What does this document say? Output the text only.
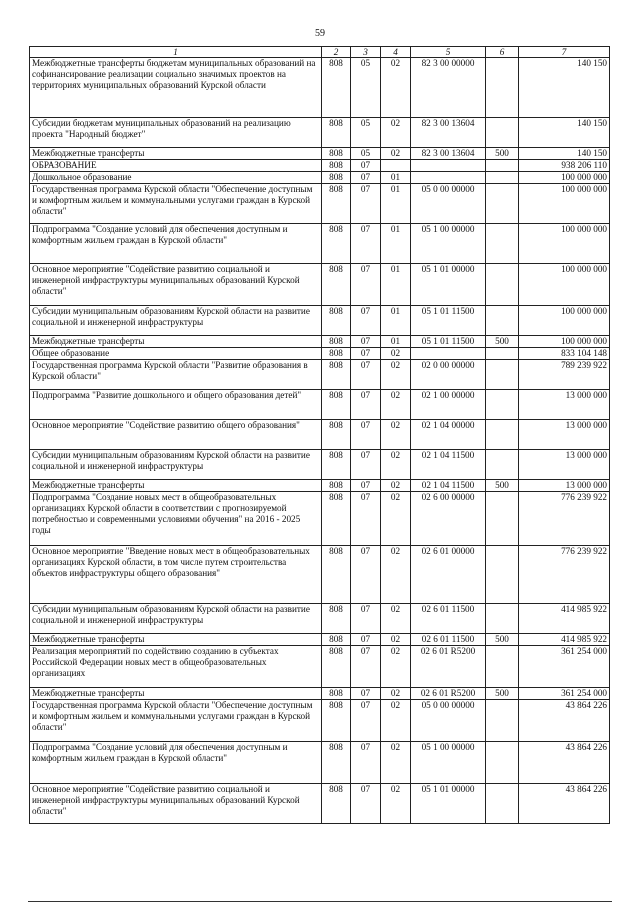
59
1	2	3	4	5	6	7
Межбюджетные трансферты бюджетам муниципальных образований на софинансирование реализации социально значимых проектов на территориях муниципальных образований Курской области	808	05	02	82 3 00 00000		140 150
Субсидии бюджетам муниципальных образований на реализацию проекта "Народный бюджет"	808	05	02	82 3 00 13604		140 150
Межбюджетные трансферты	808	05	02	82 3 00 13604	500	140 150
ОБРАЗОВАНИЕ	808	07				938 206 110
Дошкольное образование	808	07	01			100 000 000
Государственная программа Курской области "Обеспечение доступным и комфортным жильем и коммунальными услугами граждан в Курской области"	808	07	01	05 0 00 00000		100 000 000
Подпрограмма "Создание условий для обеспечения доступным и комфортным жильем граждан в Курской области"	808	07	01	05 1 00 00000		100 000 000
Основное мероприятие "Содействие развитию социальной и инженерной инфраструктуры муниципальных образований Курской области"	808	07	01	05 1 01 00000		100 000 000
Субсидии муниципальным образованиям Курской области на развитие социальной и инженерной инфраструктуры	808	07	01	05 1 01 11500		100 000 000
Межбюджетные трансферты	808	07	01	05 1 01 11500	500	100 000 000
Общее образование	808	07	02			833 104 148
Государственная программа Курской области "Развитие образования в Курской области"	808	07	02	02 0 00 00000		789 239 922
Подпрограмма "Развитие дошкольного и общего образования детей"	808	07	02	02 1 00 00000		13 000 000
Основное мероприятие "Содействие развитию общего образования"	808	07	02	02 1 04 00000		13 000 000
Субсидии муниципальным образованиям Курской области на развитие социальной и инженерной инфраструктуры	808	07	02	02 1 04 11500		13 000 000
Межбюджетные трансферты	808	07	02	02 1 04 11500	500	13 000 000
Подпрограмма "Создание новых мест в общеобразовательных организациях Курской области в соответствии с прогнозируемой потребностью и современными условиями обучения" на 2016 - 2025 годы	808	07	02	02 6 00 00000		776 239 922
Основное мероприятие "Введение новых мест в общеобразовательных организациях Курской области, в том числе путем строительства объектов инфраструктуры общего образования"	808	07	02	02 6 01 00000		776 239 922
Субсидии муниципальным образованиям Курской области на развитие социальной и инженерной инфраструктуры	808	07	02	02 6 01 11500		414 985 922
Межбюджетные трансферты	808	07	02	02 6 01 11500	500	414 985 922
Реализация мероприятий по содействию созданию в субъектах Российской Федерации новых мест в общеобразовательных организациях	808	07	02	02 6 01 R5200		361 254 000
Межбюджетные трансферты	808	07	02	02 6 01 R5200	500	361 254 000
Государственная программа Курской области "Обеспечение доступным и комфортным жильем и коммунальными услугами граждан в Курской области"	808	07	02	05 0 00 00000		43 864 226
Подпрограмма "Создание условий для обеспечения доступным и комфортным жильем граждан в Курской области"	808	07	02	05 1 00 00000		43 864 226
Основное мероприятие "Содействие развитию социальной и инженерной инфраструктуры муниципальных образований Курской области"	808	07	02	05 1 01 00000		43 864 226
